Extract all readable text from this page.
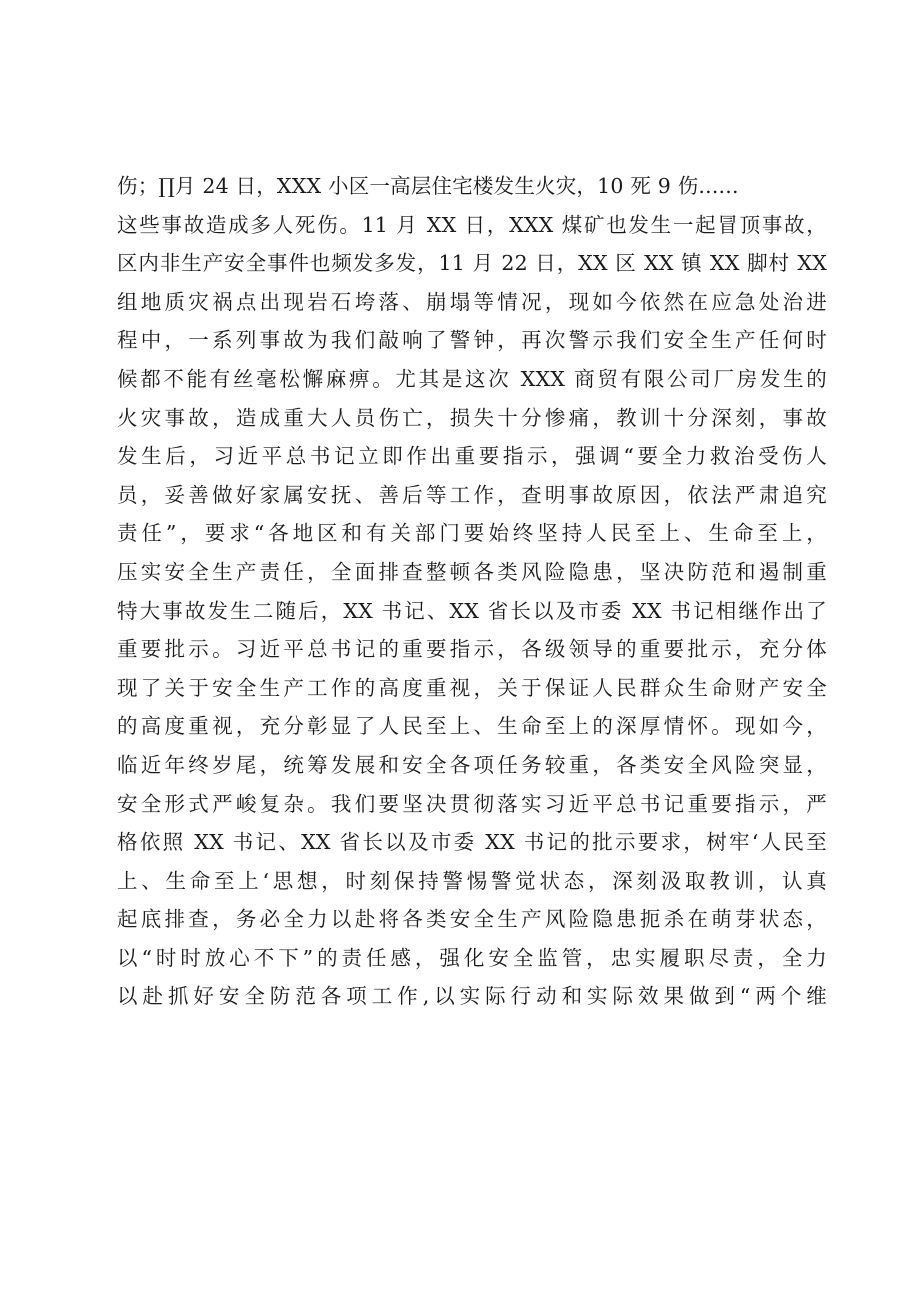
伤；∏月 24 日，XXX 小区一高层住宅楼发生火灾，10 死 9 伤......
这些事故造成多人死伤。11 月 XX 日，XXX 煤矿也发生一起冒顶事故，
区内非生产安全事件也频发多发，11 月 22 日，XX 区 XX 镇 XX 脚村 XX
组地质灾祸点出现岩石垮落、崩塌等情况，现如今依然在应急处治进
程中，一系列事故为我们敲响了警钟，再次警示我们安全生产任何时
候都不能有丝毫松懈麻痹。尤其是这次 XXX 商贸有限公司厂房发生的
火灾事故，造成重大人员伤亡，损失十分惨痛，教训十分深刻，事故
发生后，习近平总书记立即作出重要指示，强调“要全力救治受伤人
员，妥善做好家属安抚、善后等工作，查明事故原因，依法严肃追究
责任”，要求“各地区和有关部门要始终坚持人民至上、生命至上，
压实安全生产责任，全面排查整顿各类风险隐患，坚决防范和遏制重
特大事故发生二随后，XX 书记、XX 省长以及市委 XX 书记相继作出了
重要批示。习近平总书记的重要指示，各级领导的重要批示，充分体
现了关于安全生产工作的高度重视，关于保证人民群众生命财产安全
的高度重视，充分彰显了人民至上、生命至上的深厚情怀。现如今，
临近年终岁尾，统筹发展和安全各项任务较重，各类安全风险突显，
安全形式严峻复杂。我们要坚决贯彻落实习近平总书记重要指示，严
格依照 XX 书记、XX 省长以及市委 XX 书记的批示要求，树牢‘人民至
上、生命至上‘思想，时刻保持警惕警觉状态，深刻汲取教训，认真
起底排查，务必全力以赴将各类安全生产风险隐患扼杀在萌芽状态，
以“时时放心不下”的责任感，强化安全监管，忠实履职尽责，全力
以赴抓好安全防范各项工作,以实际行动和实际效果做到“两个维
